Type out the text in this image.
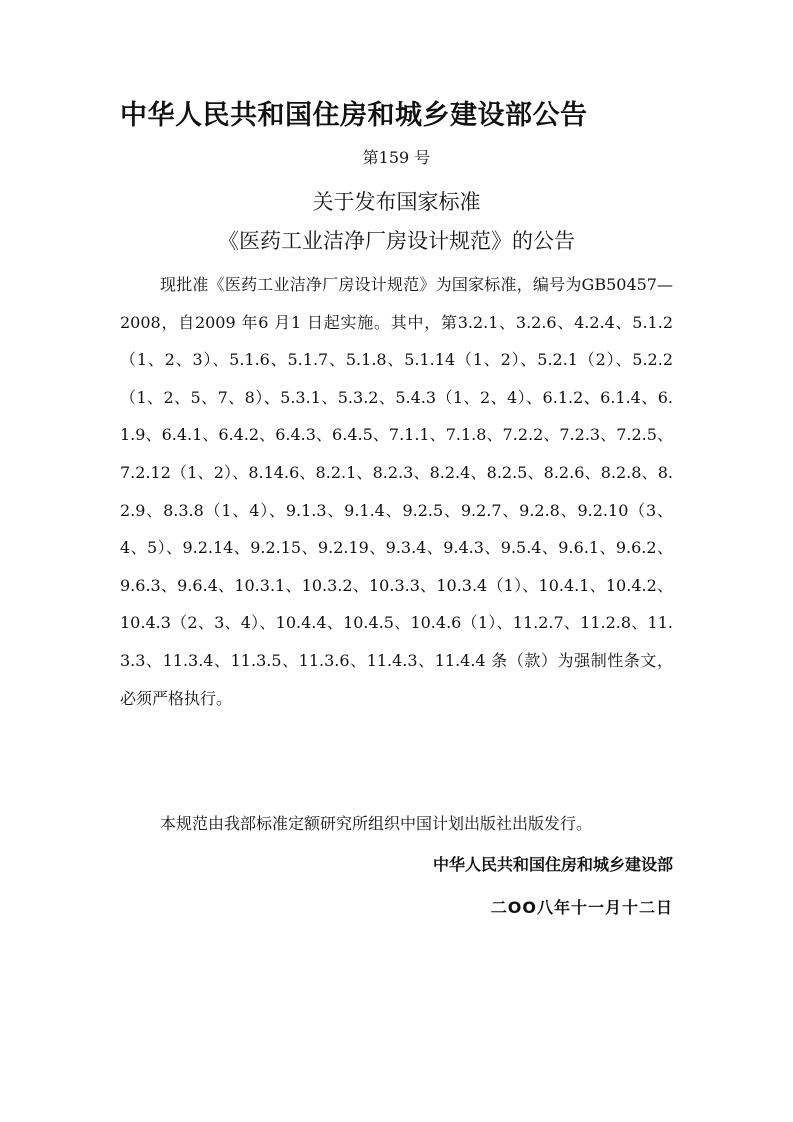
中华人民共和国住房和城乡建设部公告
第159 号
关于发布国家标准
《医药工业洁净厂房设计规范》的公告

现批准《医药工业洁净厂房设计规范》为国家标准，编号为GB50457—2008，自2009 年6 月1 日起实施。其中，第3.2.1、3.2.6、4.2.4、5.1.2（1、2、3）、5.1.6、5.1.7、5.1.8、5.1.14（1、2）、5.2.1（2）、5.2.2（1、2、5、7、8）、5.3.1、5.3.2、5.4.3（1、2、4）、6.1.2、6.1.4、6.1.9、6.4.1、6.4.2、6.4.3、6.4.5、7.1.1、7.1.8、7.2.2、7.2.3、7.2.5、7.2.12（1、2）、8.14.6、8.2.1、8.2.3、8.2.4、8.2.5、8.2.6、8.2.8、8.2.9、8.3.8（1、4）、9.1.3、9.1.4、9.2.5、9.2.7、9.2.8、9.2.10（3、4、5）、9.2.14、9.2.15、9.2.19、9.3.4、9.4.3、9.5.4、9.6.1、9.6.2、9.6.3、9.6.4、10.3.1、10.3.2、10.3.3、10.3.4（1）、10.4.1、10.4.2、10.4.3（2、3、4）、10.4.4、10.4.5、10.4.6（1）、11.2.7、11.2.8、11.3.3、11.3.4、11.3.5、11.3.6、11.4.3、11.4.4 条（款）为强制性条文，必须严格执行。

本规范由我部标准定额研究所组织中国计划出版社出版发行。
中华人民共和国住房和城乡建设部
二OO八年十一月十二日
